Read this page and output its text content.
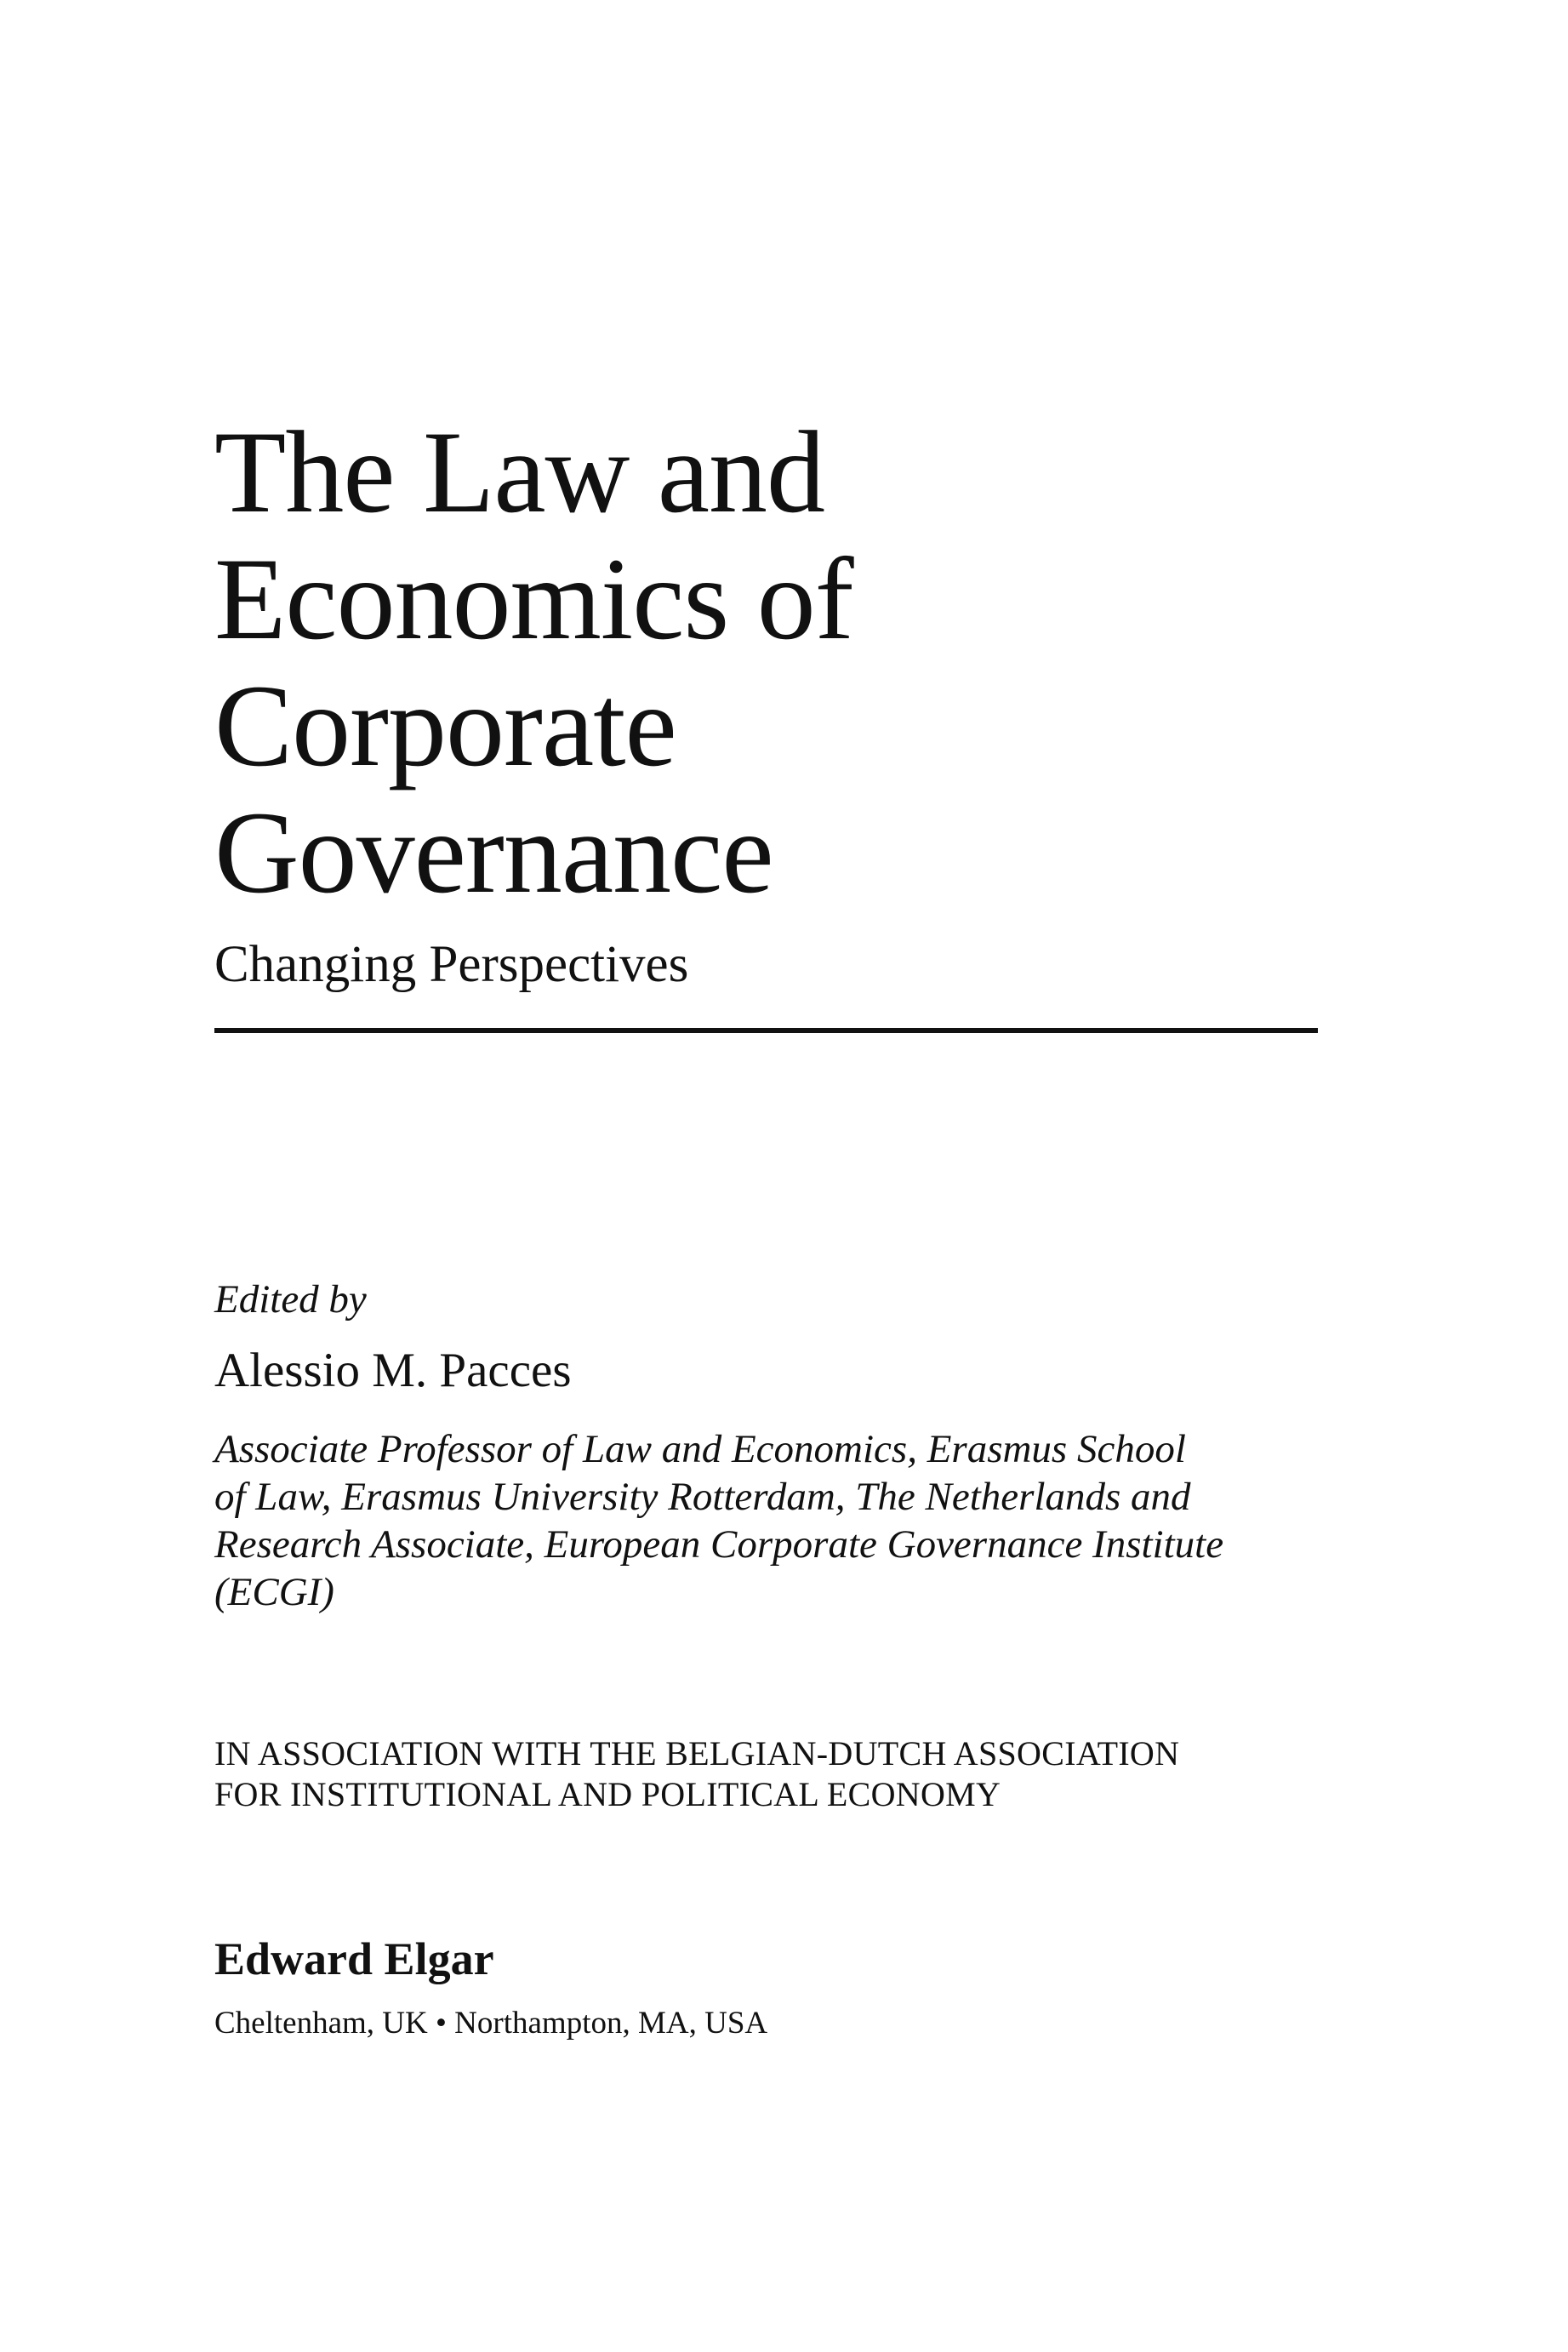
The Law and
Economics of
Corporate
Governance
Changing Perspectives
Edited by
Alessio M. Pacces
Associate Professor of Law and Economics, Erasmus School
of Law, Erasmus University Rotterdam, The Netherlands and
Research Associate, European Corporate Governance Institute
(ECGI)
IN ASSOCIATION WITH THE BELGIAN-DUTCH ASSOCIATION
FOR INSTITUTIONAL AND POLITICAL ECONOMY
Edward Elgar
Cheltenham, UK • Northampton, MA, USA
